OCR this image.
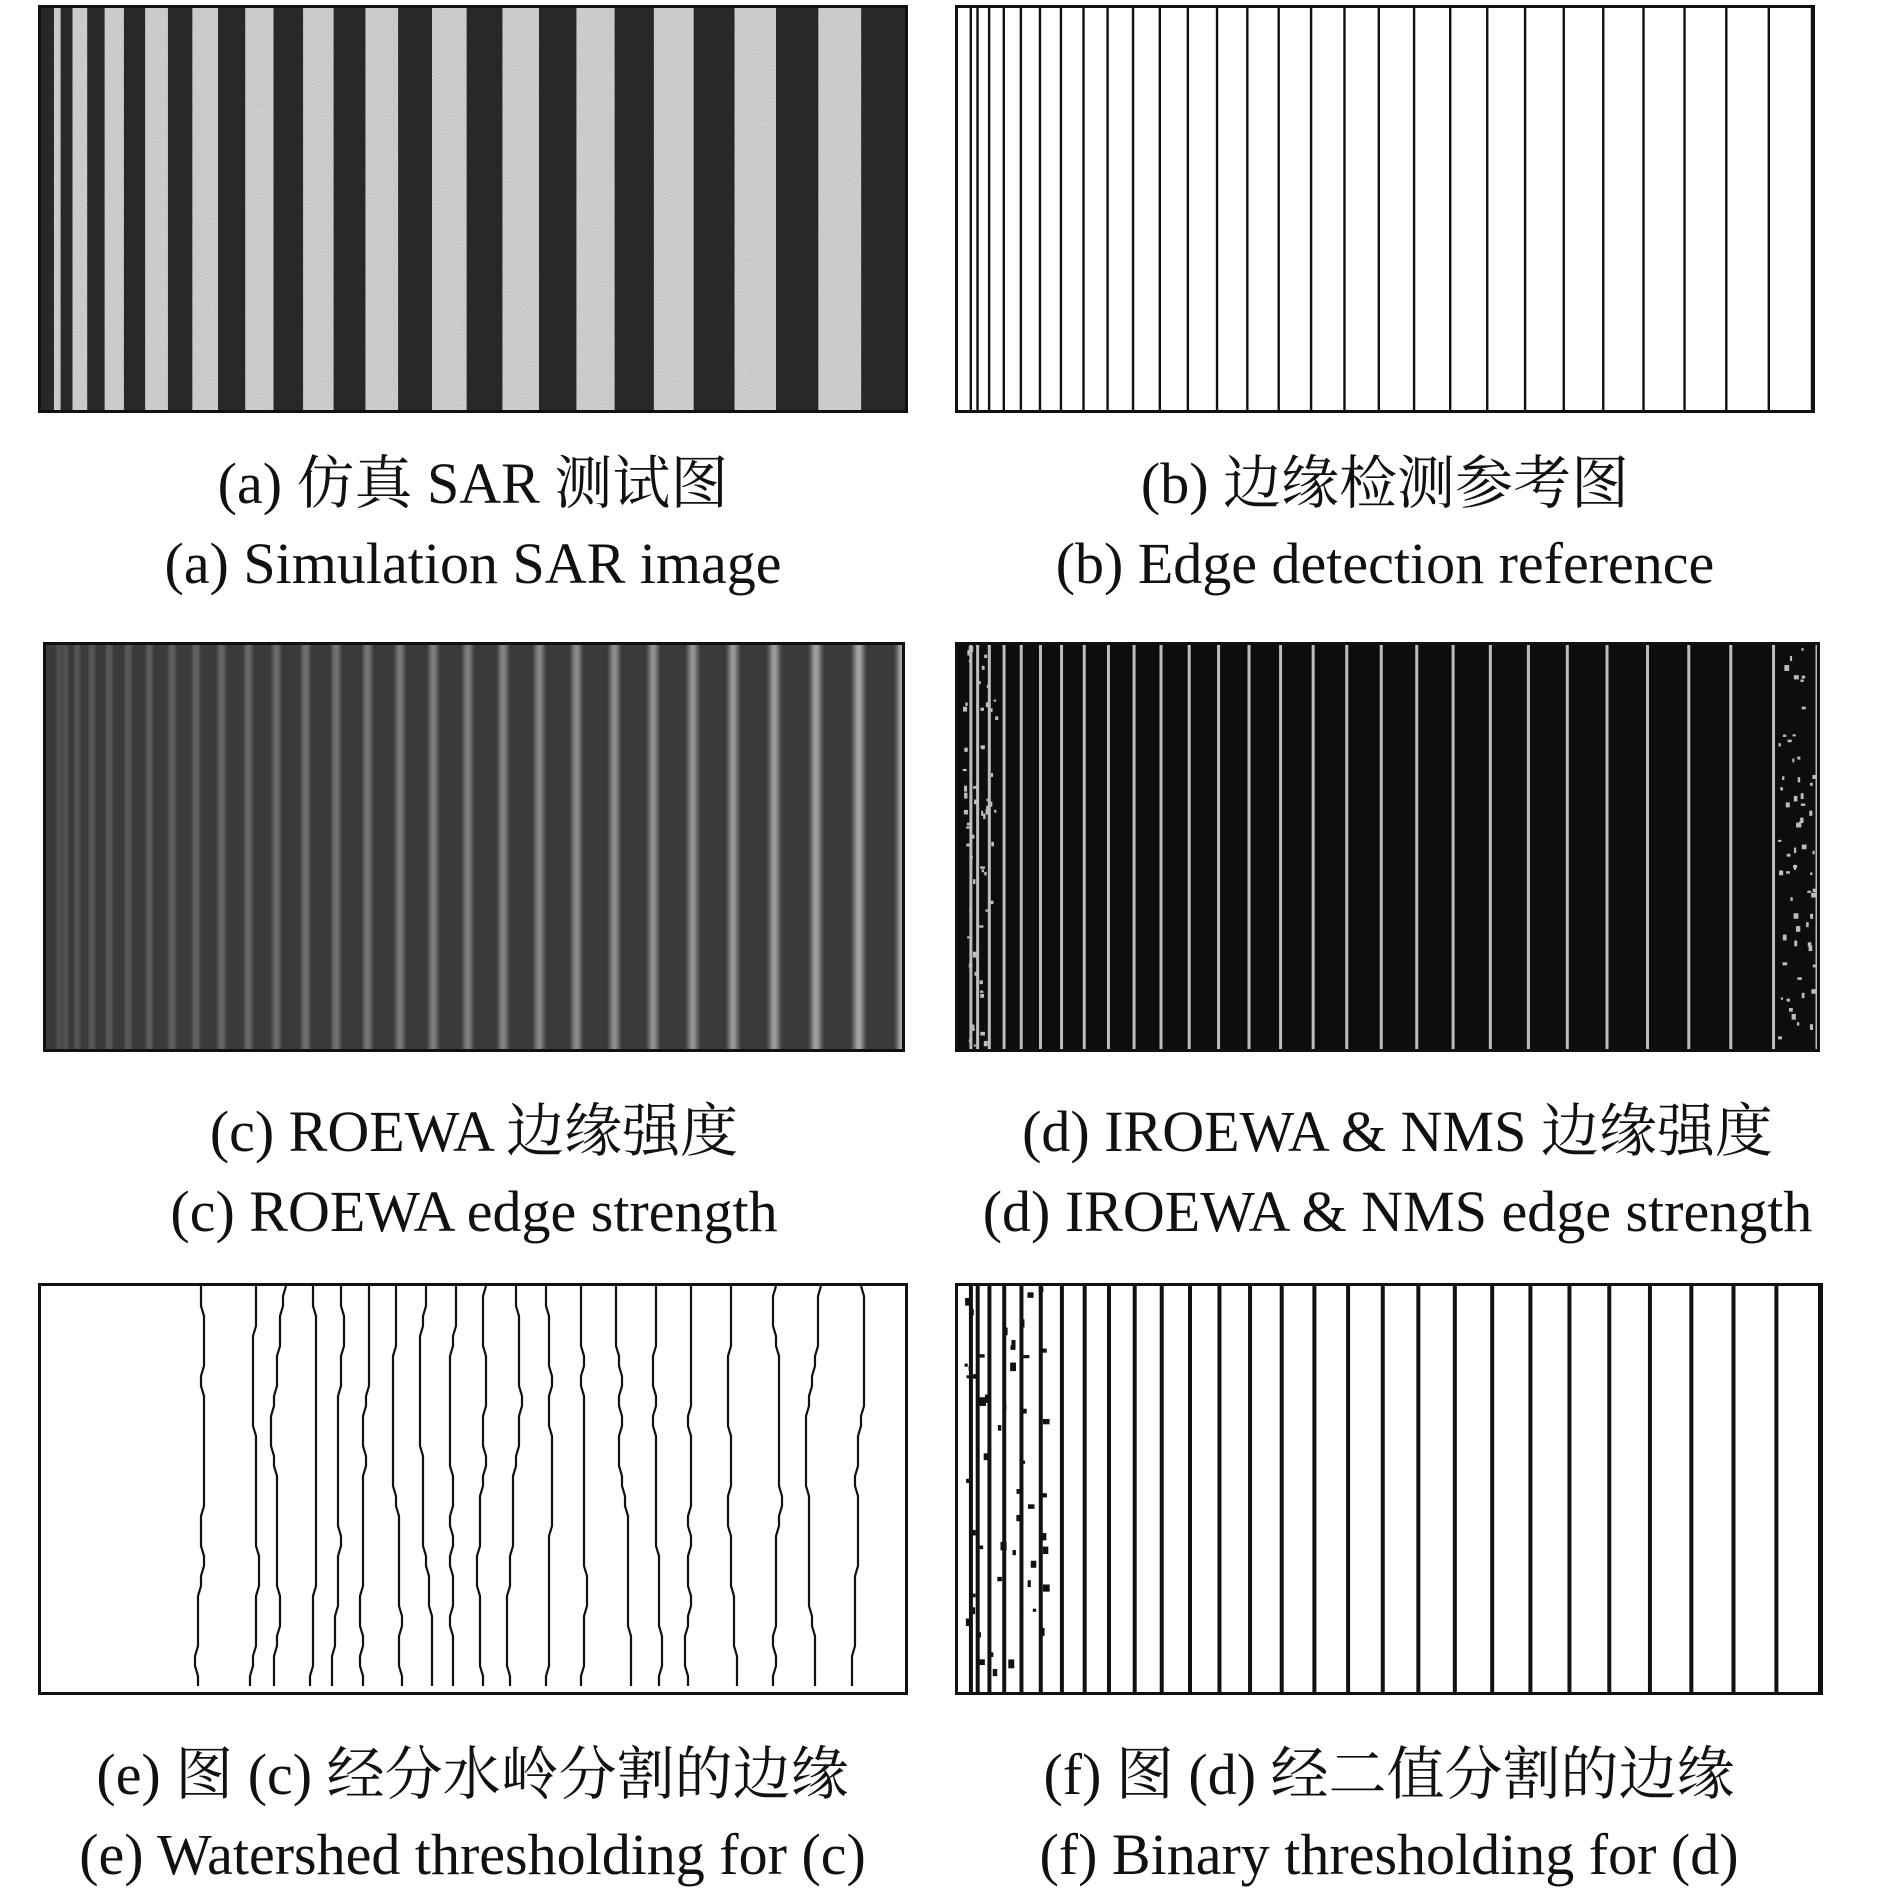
(a) 仿真 SAR 测试图
(a) Simulation SAR image
(b) 边缘检测参考图
(b) Edge detection reference
(c) ROEWA 边缘强度
(c) ROEWA edge strength
(d) IROEWA & NMS 边缘强度
(d) IROEWA & NMS edge strength
(e) 图 (c) 经分水岭分割的边缘
(e) Watershed thresholding for (c)
(f) 图 (d) 经二值分割的边缘
(f) Binary thresholding for (d)
